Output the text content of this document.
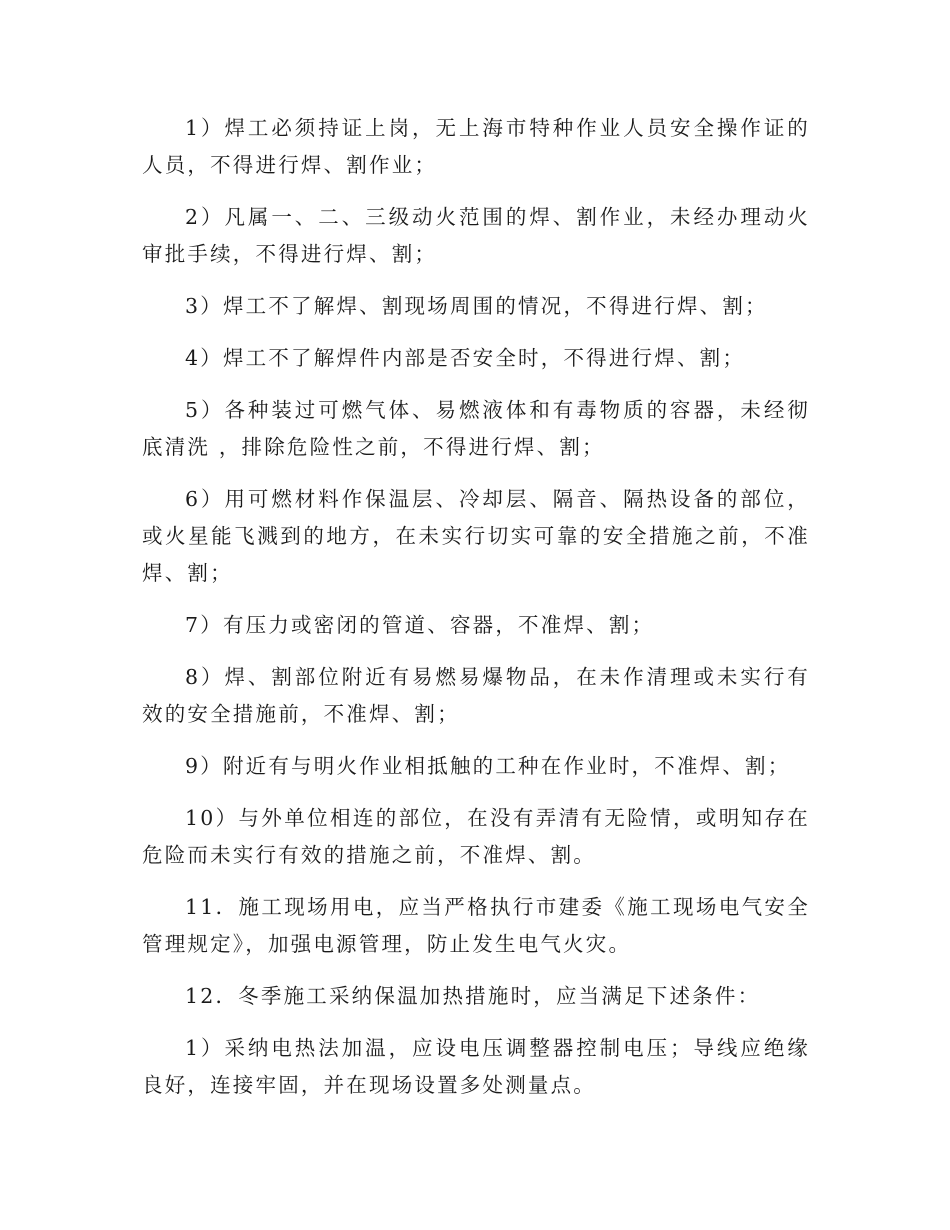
1）焊工必须持证上岗，无上海市特种作业人员安全操作证的人员，不得进行焊、割作业；

2）凡属一、二、三级动火范围的焊、割作业，未经办理动火审批手续，不得进行焊、割；

3）焊工不了解焊、割现场周围的情况，不得进行焊、割；

4）焊工不了解焊件内部是否安全时，不得进行焊、割；

5）各种装过可燃气体、易燃液体和有毒物质的容器，未经彻底清洗 ，排除危险性之前，不得进行焊、割；

6）用可燃材料作保温层、冷却层、隔音、隔热设备的部位，或火星能飞溅到的地方，在未实行切实可靠的安全措施之前，不准焊、割；

7）有压力或密闭的管道、容器，不准焊、割；

8）焊、割部位附近有易燃易爆物品，在未作清理或未实行有效的安全措施前，不准焊、割；

9）附近有与明火作业相抵触的工种在作业时，不准焊、割；

10）与外单位相连的部位，在没有弄清有无险情，或明知存在危险而未实行有效的措施之前，不准焊、割。

11．施工现场用电，应当严格执行市建委《施工现场电气安全管理规定》，加强电源管理，防止发生电气火灾。

12．冬季施工采纳保温加热措施时，应当满足下述条件：

1）采纳电热法加温，应设电压调整器控制电压；导线应绝缘良好，连接牢固，并在现场设置多处测量点。
